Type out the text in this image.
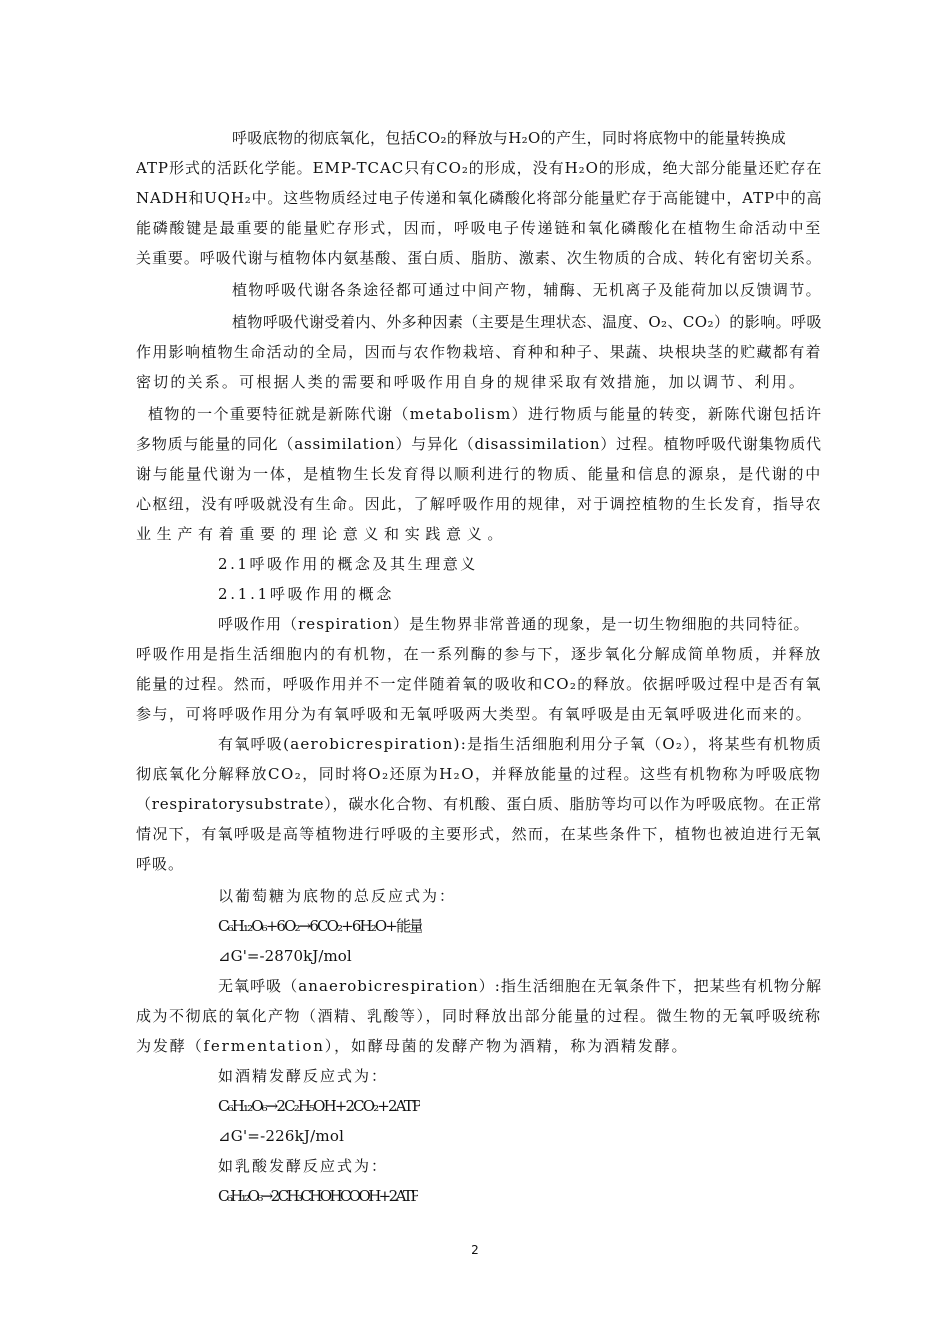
呼吸底物的彻底氧化，包括CO₂的释放与H₂O的产生，同时将底物中的能量转换成
ATP形式的活跃化学能。EMP-TCAC只有CO₂的形成，没有H₂O的形成，绝大部分能量还贮存在
NADH和UQH₂中。这些物质经过电子传递和氧化磷酸化将部分能量贮存于高能键中，ATP中的高
能磷酸键是最重要的能量贮存形式，因而，呼吸电子传递链和氧化磷酸化在植物生命活动中至
关重要。呼吸代谢与植物体内氨基酸、蛋白质、脂肪、激素、次生物质的合成、转化有密切关系。
植物呼吸代谢各条途径都可通过中间产物，辅酶、无机离子及能荷加以反馈调节。
植物呼吸代谢受着内、外多种因素（主要是生理状态、温度、O₂、CO₂）的影响。呼吸
作用影响植物生命活动的全局，因而与农作物栽培、育种和种子、果蔬、块根块茎的贮藏都有着
密切的关系。可根据人类的需要和呼吸作用自身的规律采取有效措施，加以调节、利用。
植物的一个重要特征就是新陈代谢（metabolism）进行物质与能量的转变，新陈代谢包括许
多物质与能量的同化（assimilation）与异化（disassimilation）过程。植物呼吸代谢集物质代
谢与能量代谢为一体，是植物生长发育得以顺利进行的物质、能量和信息的源泉，是代谢的中
心枢纽，没有呼吸就没有生命。因此，了解呼吸作用的规律，对于调控植物的生长发育，指导农
业生产有着重要的理论意义和实践意义。
2.1呼吸作用的概念及其生理意义
2.1.1呼吸作用的概念
呼吸作用（respiration）是生物界非常普通的现象，是一切生物细胞的共同特征。
呼吸作用是指生活细胞内的有机物，在一系列酶的参与下，逐步氧化分解成简单物质，并释放
能量的过程。然而，呼吸作用并不一定伴随着氧的吸收和CO₂的释放。依据呼吸过程中是否有氧
参与，可将呼吸作用分为有氧呼吸和无氧呼吸两大类型。有氧呼吸是由无氧呼吸进化而来的。
有氧呼吸(aerobicrespiration):是指生活细胞利用分子氧（O₂），将某些有机物质
彻底氧化分解释放CO₂，同时将O₂还原为H₂O，并释放能量的过程。这些有机物称为呼吸底物
（respiratorysubstrate），碳水化合物、有机酸、蛋白质、脂肪等均可以作为呼吸底物。在正常
情况下，有氧呼吸是高等植物进行呼吸的主要形式，然而，在某些条件下，植物也被迫进行无氧
呼吸。
以葡萄糖为底物的总反应式为：
C₆H₁₂O₆+6O₂→6CO₂+6H₂O+能量
⊿G'=-2870kJ/mol
无氧呼吸（anaerobicrespiration）:指生活细胞在无氧条件下，把某些有机物分解
成为不彻底的氧化产物（酒精、乳酸等），同时释放出部分能量的过程。微生物的无氧呼吸统称
为发酵（fermentation），如酵母菌的发酵产物为酒精，称为酒精发酵。
如酒精发酵反应式为：
C₆H₁₂O₆→2C₂H₅OH+2CO₂+2ATP
⊿G'=-226kJ/mol
如乳酸发酵反应式为：
C₆H₁₂O₆→2CH₃CHOHCOOH+2ATP
2
